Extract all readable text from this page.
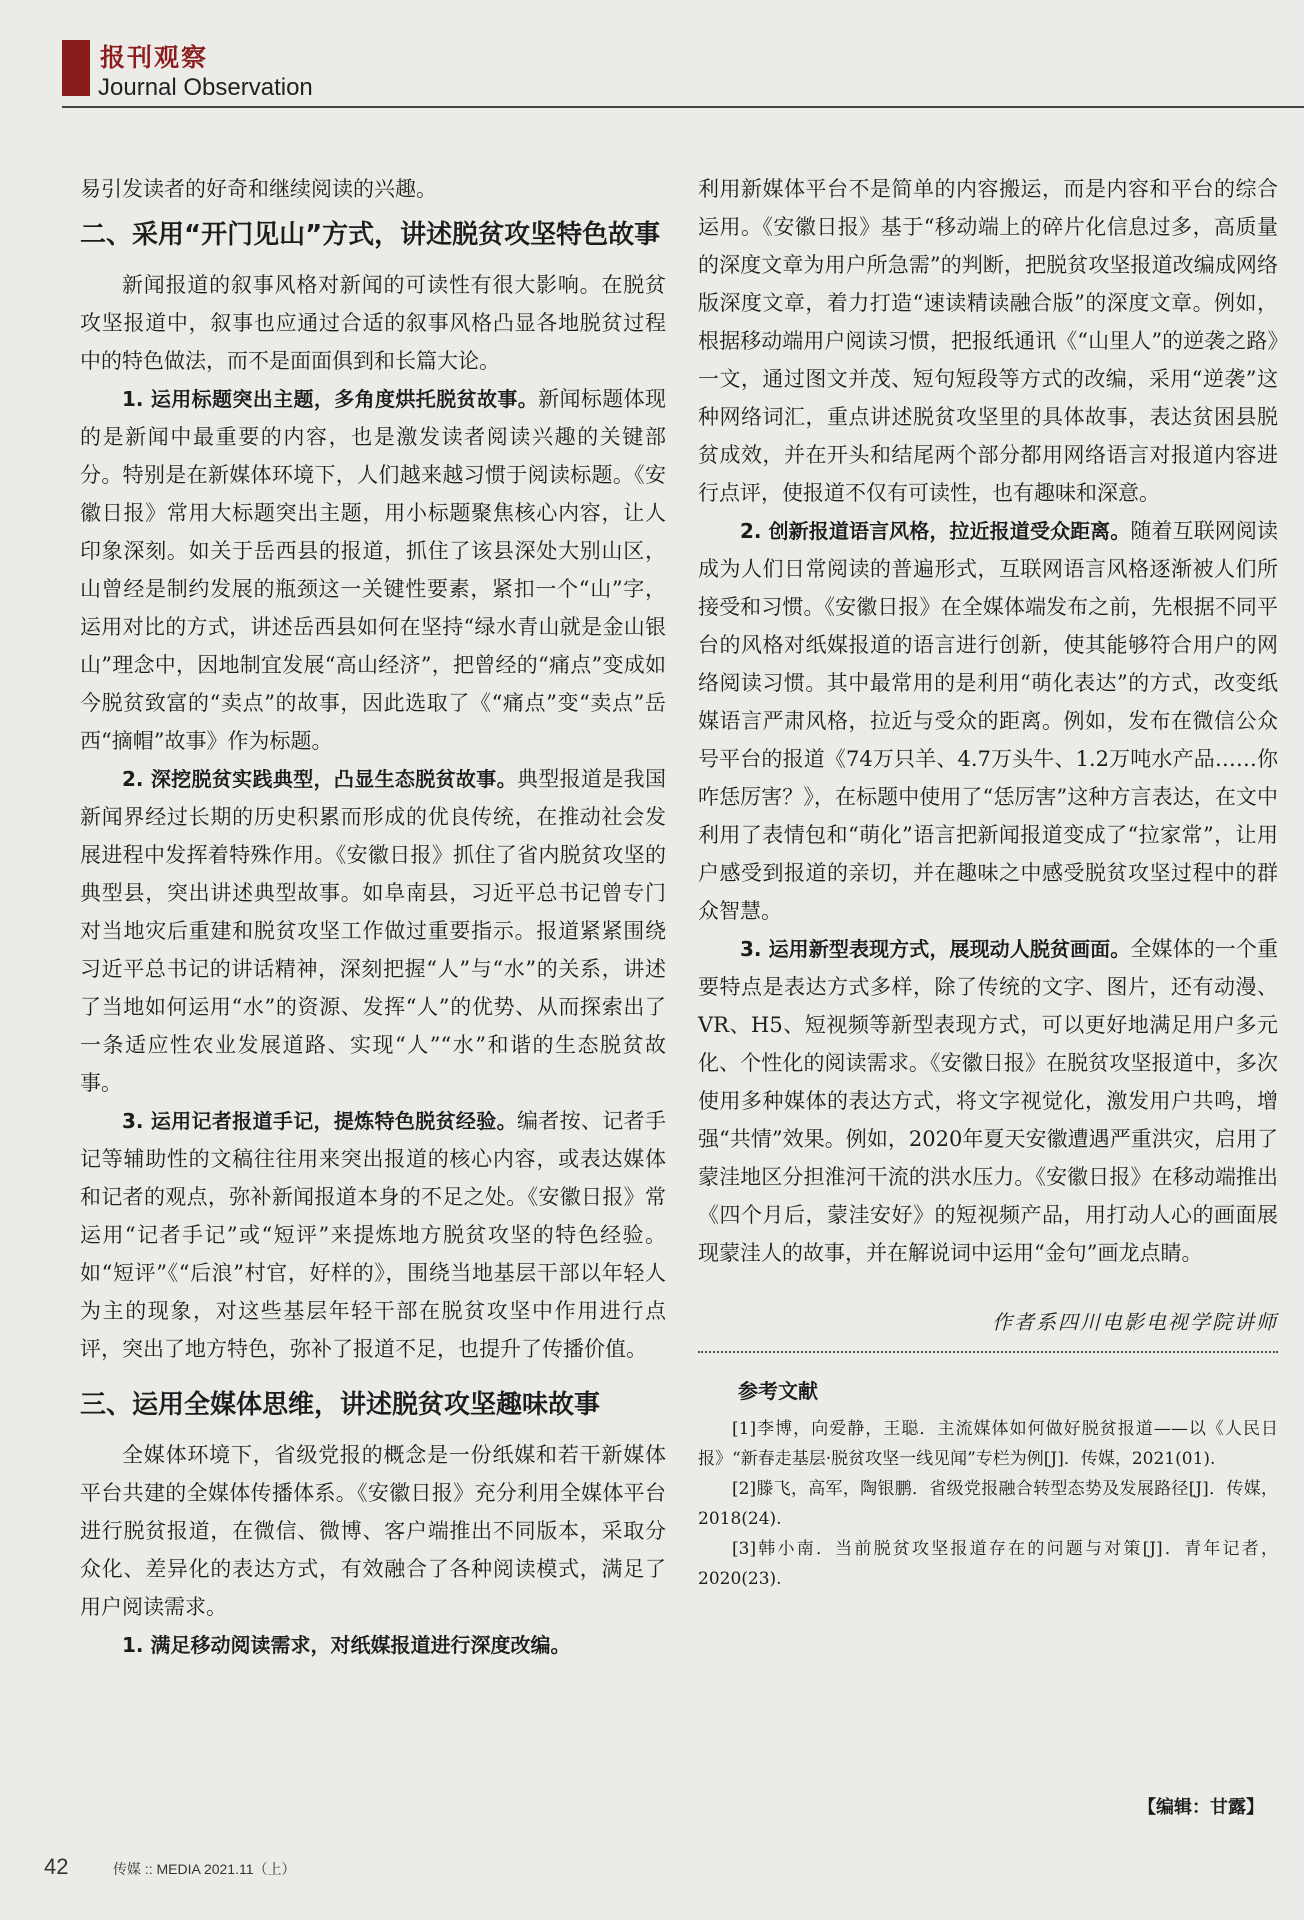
报刊观察
Journal Observation

易引发读者的好奇和继续阅读的兴趣。

二、采用“开门见山”方式，讲述脱贫攻坚特色故事

新闻报道的叙事风格对新闻的可读性有很大影响。在脱贫攻坚报道中，叙事也应通过合适的叙事风格凸显各地脱贫过程中的特色做法，而不是面面俱到和长篇大论。

1. 运用标题突出主题，多角度烘托脱贫故事。新闻标题体现的是新闻中最重要的内容，也是激发读者阅读兴趣的关键部分。特别是在新媒体环境下，人们越来越习惯于阅读标题。《安徽日报》常用大标题突出主题，用小标题聚焦核心内容，让人印象深刻。如关于岳西县的报道，抓住了该县深处大别山区，山曾经是制约发展的瓶颈这一关键性要素，紧扣一个“山”字，运用对比的方式，讲述岳西县如何在坚持“绿水青山就是金山银山”理念中，因地制宜发展“高山经济”，把曾经的“痛点”变成如今脱贫致富的“卖点”的故事，因此选取了《“痛点”变“卖点”岳西“摘帽”故事》作为标题。

2. 深挖脱贫实践典型，凸显生态脱贫故事。典型报道是我国新闻界经过长期的历史积累而形成的优良传统，在推动社会发展进程中发挥着特殊作用。《安徽日报》抓住了省内脱贫攻坚的典型县，突出讲述典型故事。如阜南县，习近平总书记曾专门对当地灾后重建和脱贫攻坚工作做过重要指示。报道紧紧围绕习近平总书记的讲话精神，深刻把握“人”与“水”的关系，讲述了当地如何运用“水”的资源、发挥“人”的优势、从而探索出了一条适应性农业发展道路、实现“人”“水”和谐的生态脱贫故事。

3. 运用记者报道手记，提炼特色脱贫经验。编者按、记者手记等辅助性的文稿往往用来突出报道的核心内容，或表达媒体和记者的观点，弥补新闻报道本身的不足之处。《安徽日报》常运用“记者手记”或“短评”来提炼地方脱贫攻坚的特色经验。如“短评”《“后浪”村官，好样的》，围绕当地基层干部以年轻人为主的现象，对这些基层年轻干部在脱贫攻坚中作用进行点评，突出了地方特色，弥补了报道不足，也提升了传播价值。

三、运用全媒体思维，讲述脱贫攻坚趣味故事

全媒体环境下，省级党报的概念是一份纸媒和若干新媒体平台共建的全媒体传播体系。《安徽日报》充分利用全媒体平台进行脱贫报道，在微信、微博、客户端推出不同版本，采取分众化、差异化的表达方式，有效融合了各种阅读模式，满足了用户阅读需求。

1. 满足移动阅读需求，对纸媒报道进行深度改编。

利用新媒体平台不是简单的内容搬运，而是内容和平台的综合运用。《安徽日报》基于“移动端上的碎片化信息过多，高质量的深度文章为用户所急需”的判断，把脱贫攻坚报道改编成网络版深度文章，着力打造“速读精读融合版”的深度文章。例如，根据移动端用户阅读习惯，把报纸通讯《“山里人”的逆袭之路》一文，通过图文并茂、短句短段等方式的改编，采用“逆袭”这种网络词汇，重点讲述脱贫攻坚里的具体故事，表达贫困县脱贫成效，并在开头和结尾两个部分都用网络语言对报道内容进行点评，使报道不仅有可读性，也有趣味和深意。

2. 创新报道语言风格，拉近报道受众距离。随着互联网阅读成为人们日常阅读的普遍形式，互联网语言风格逐渐被人们所接受和习惯。《安徽日报》在全媒体端发布之前，先根据不同平台的风格对纸媒报道的语言进行创新，使其能够符合用户的网络阅读习惯。其中最常用的是利用“萌化表达”的方式，改变纸媒语言严肃风格，拉近与受众的距离。例如，发布在微信公众号平台的报道《74万只羊、4.7万头牛、1.2万吨水产品……你咋恁厉害？》，在标题中使用了“恁厉害”这种方言表达，在文中利用了表情包和“萌化”语言把新闻报道变成了“拉家常”，让用户感受到报道的亲切，并在趣味之中感受脱贫攻坚过程中的群众智慧。

3. 运用新型表现方式，展现动人脱贫画面。全媒体的一个重要特点是表达方式多样，除了传统的文字、图片，还有动漫、VR、H5、短视频等新型表现方式，可以更好地满足用户多元化、个性化的阅读需求。《安徽日报》在脱贫攻坚报道中，多次使用多种媒体的表达方式，将文字视觉化，激发用户共鸣，增强“共情”效果。例如，2020年夏天安徽遭遇严重洪灾，启用了蒙洼地区分担淮河干流的洪水压力。《安徽日报》在移动端推出《四个月后，蒙洼安好》的短视频产品，用打动人心的画面展现蒙洼人的故事，并在解说词中运用“金句”画龙点睛。

作者系四川电影电视学院讲师
参考文献

[1]李博，向爱静，王聪．主流媒体如何做好脱贫报道——以《人民日报》“新春走基层·脱贫攻坚一线见闻”专栏为例[J]．传媒，2021(01).

[2]滕飞，高军，陶银鹏．省级党报融合转型态势及发展路径[J]．传媒，2018(24).

[3]韩小南．当前脱贫攻坚报道存在的问题与对策[J]．青年记者，2020(23).

【编辑：甘露】
42	传媒 :: MEDIA 2021.11（上）
